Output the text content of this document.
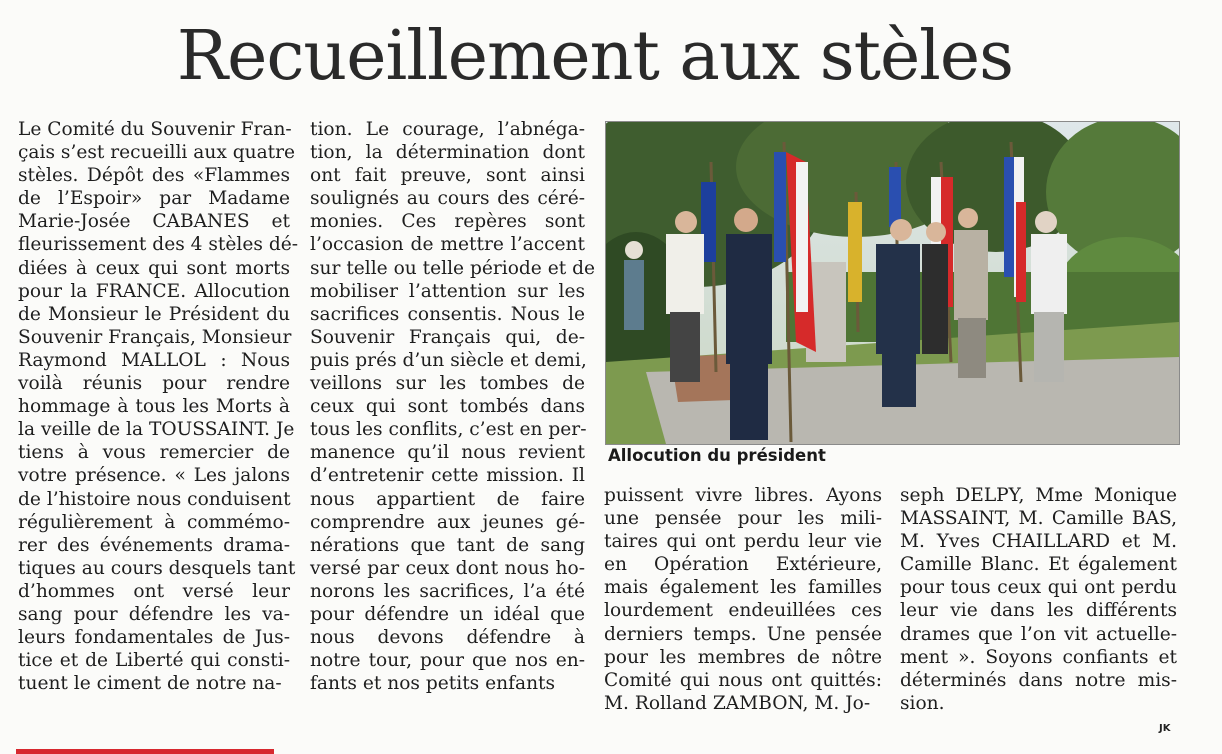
Recueillement aux stèles
Le Comité du Souvenir Fran-
çais s’est recueilli aux quatre
stèles. Dépôt des «Flammes
de l’Espoir» par Madame
Marie-Josée CABANES et
fleurissement des 4 stèles dé-
diées à ceux qui sont morts
pour la FRANCE. Allocution
de Monsieur le Président du
Souvenir Français, Monsieur
Raymond MALLOL : Nous
voilà réunis pour rendre
hommage à tous les Morts à
la veille de la TOUSSAINT. Je
tiens à vous remercier de
votre présence. « Les jalons
de l’histoire nous conduisent
régulièrement à commémo-
rer des événements drama-
tiques au cours desquels tant
d’hommes ont versé leur
sang pour défendre les va-
leurs fondamentales de Jus-
tice et de Liberté qui consti-
tuent le ciment de notre na-
tion. Le courage, l’abnéga-
tion, la détermination dont
ont fait preuve, sont ainsi
soulignés au cours des céré-
monies. Ces repères sont
l’occasion de mettre l’accent
sur telle ou telle période et de
mobiliser l’attention sur les
sacrifices consentis. Nous le
Souvenir Français qui, de-
puis prés d’un siècle et demi,
veillons sur les tombes de
ceux qui sont tombés dans
tous les conflits, c’est en per-
manence qu’il nous revient
d’entretenir cette mission. Il
nous appartient de faire
comprendre aux jeunes gé-
nérations que tant de sang
versé par ceux dont nous ho-
norons les sacrifices, l’a été
pour défendre un idéal que
nous devons défendre à
notre tour, pour que nos en-
fants et nos petits enfants
puissent vivre libres. Ayons
une pensée pour les mili-
taires qui ont perdu leur vie
en Opération Extérieure,
mais également les familles
lourdement endeuillées ces
derniers temps. Une pensée
pour les membres de nôtre
Comité qui nous ont quittés:
M. Rolland ZAMBON, M. Jo-
seph DELPY, Mme Monique
MASSAINT, M. Camille BAS,
M. Yves CHAILLARD et M.
Camille Blanc. Et également
pour tous ceux qui ont perdu
leur vie dans les différents
drames que l’on vit actuelle-
ment ». Soyons confiants et
déterminés dans notre mis-
sion.
Allocution du président
JK
